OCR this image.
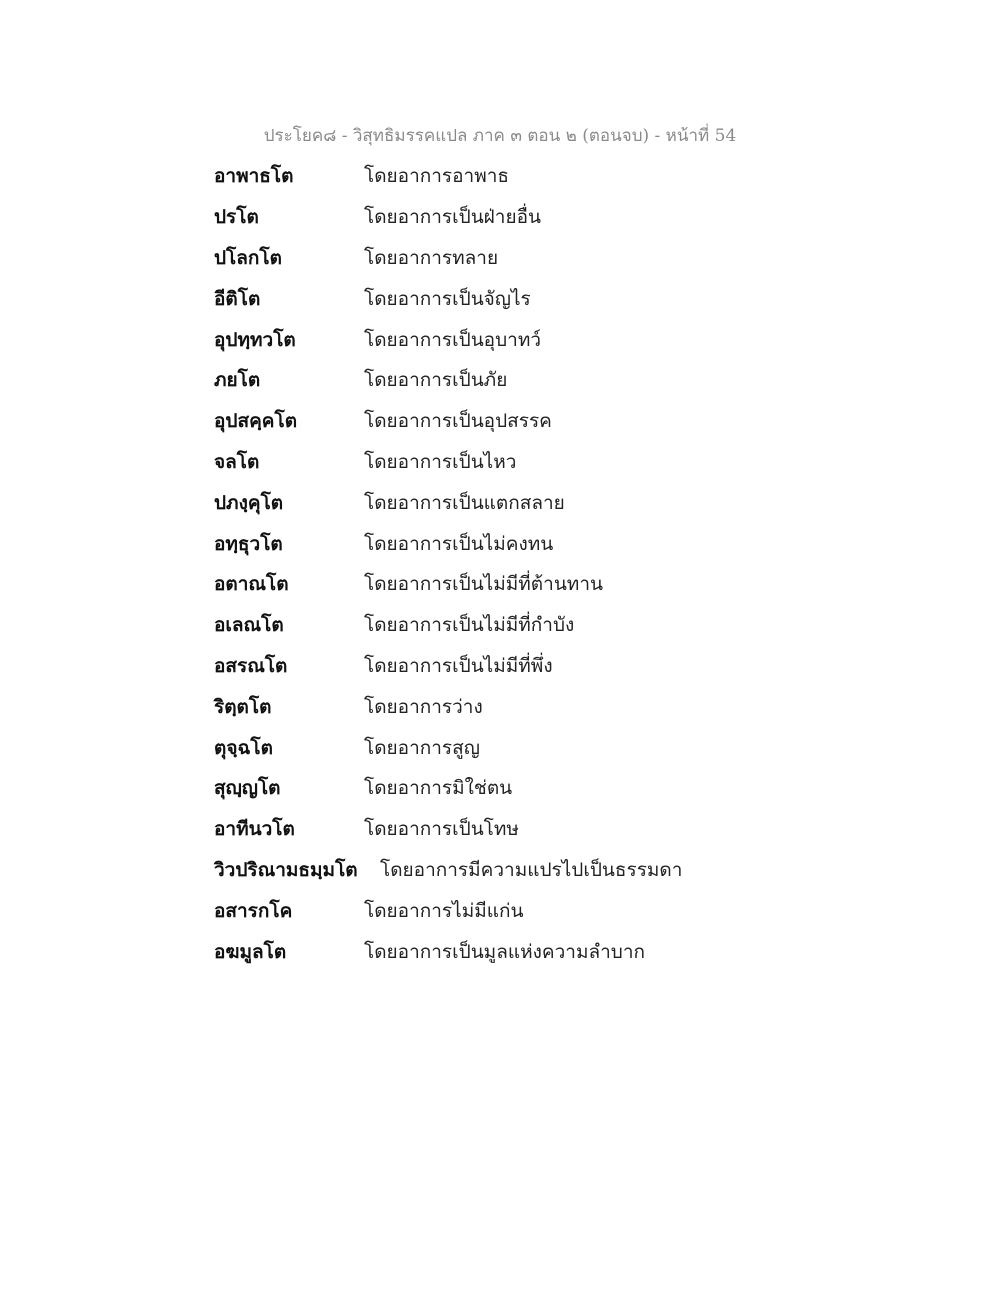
ประโยค๘ - วิสุทธิมรรคแปล ภาค ๓ ตอน ๒ (ตอนจบ) - หน้าที่ 54
อาพาธโต	โดยอาการอาพาธ
ปรโต	โดยอาการเป็นฝ่ายอื่น
ปโลกโต	โดยอาการทลาย
อีติโต	โดยอาการเป็นจัญไร
อุปทฺทวโต	โดยอาการเป็นอุบาทว์
ภยโต	โดยอาการเป็นภัย
อุปสคฺคโต	โดยอาการเป็นอุปสรรค
จลโต	โดยอาการเป็นไหว
ปภงฺคุโต	โดยอาการเป็นแตกสลาย
อทฺธุวโต	โดยอาการเป็นไม่คงทน
อตาณโต	โดยอาการเป็นไม่มีที่ต้านทาน
อเลณโต	โดยอาการเป็นไม่มีที่กำบัง
อสรณโต	โดยอาการเป็นไม่มีที่พึ่ง
ริตฺตโต	โดยอาการว่าง
ตุจฺฉโต	โดยอาการสูญ
สุญฺญโต	โดยอาการมิใช่ตน
อาทีนวโต	โดยอาการเป็นโทษ
วิวปริณามธมฺมโต	โดยอาการมีความแปรไปเป็นธรรมดา
อสารกโค	โดยอาการไม่มีแก่น
อฆมูลโต	โดยอาการเป็นมูลแห่งความลำบาก
